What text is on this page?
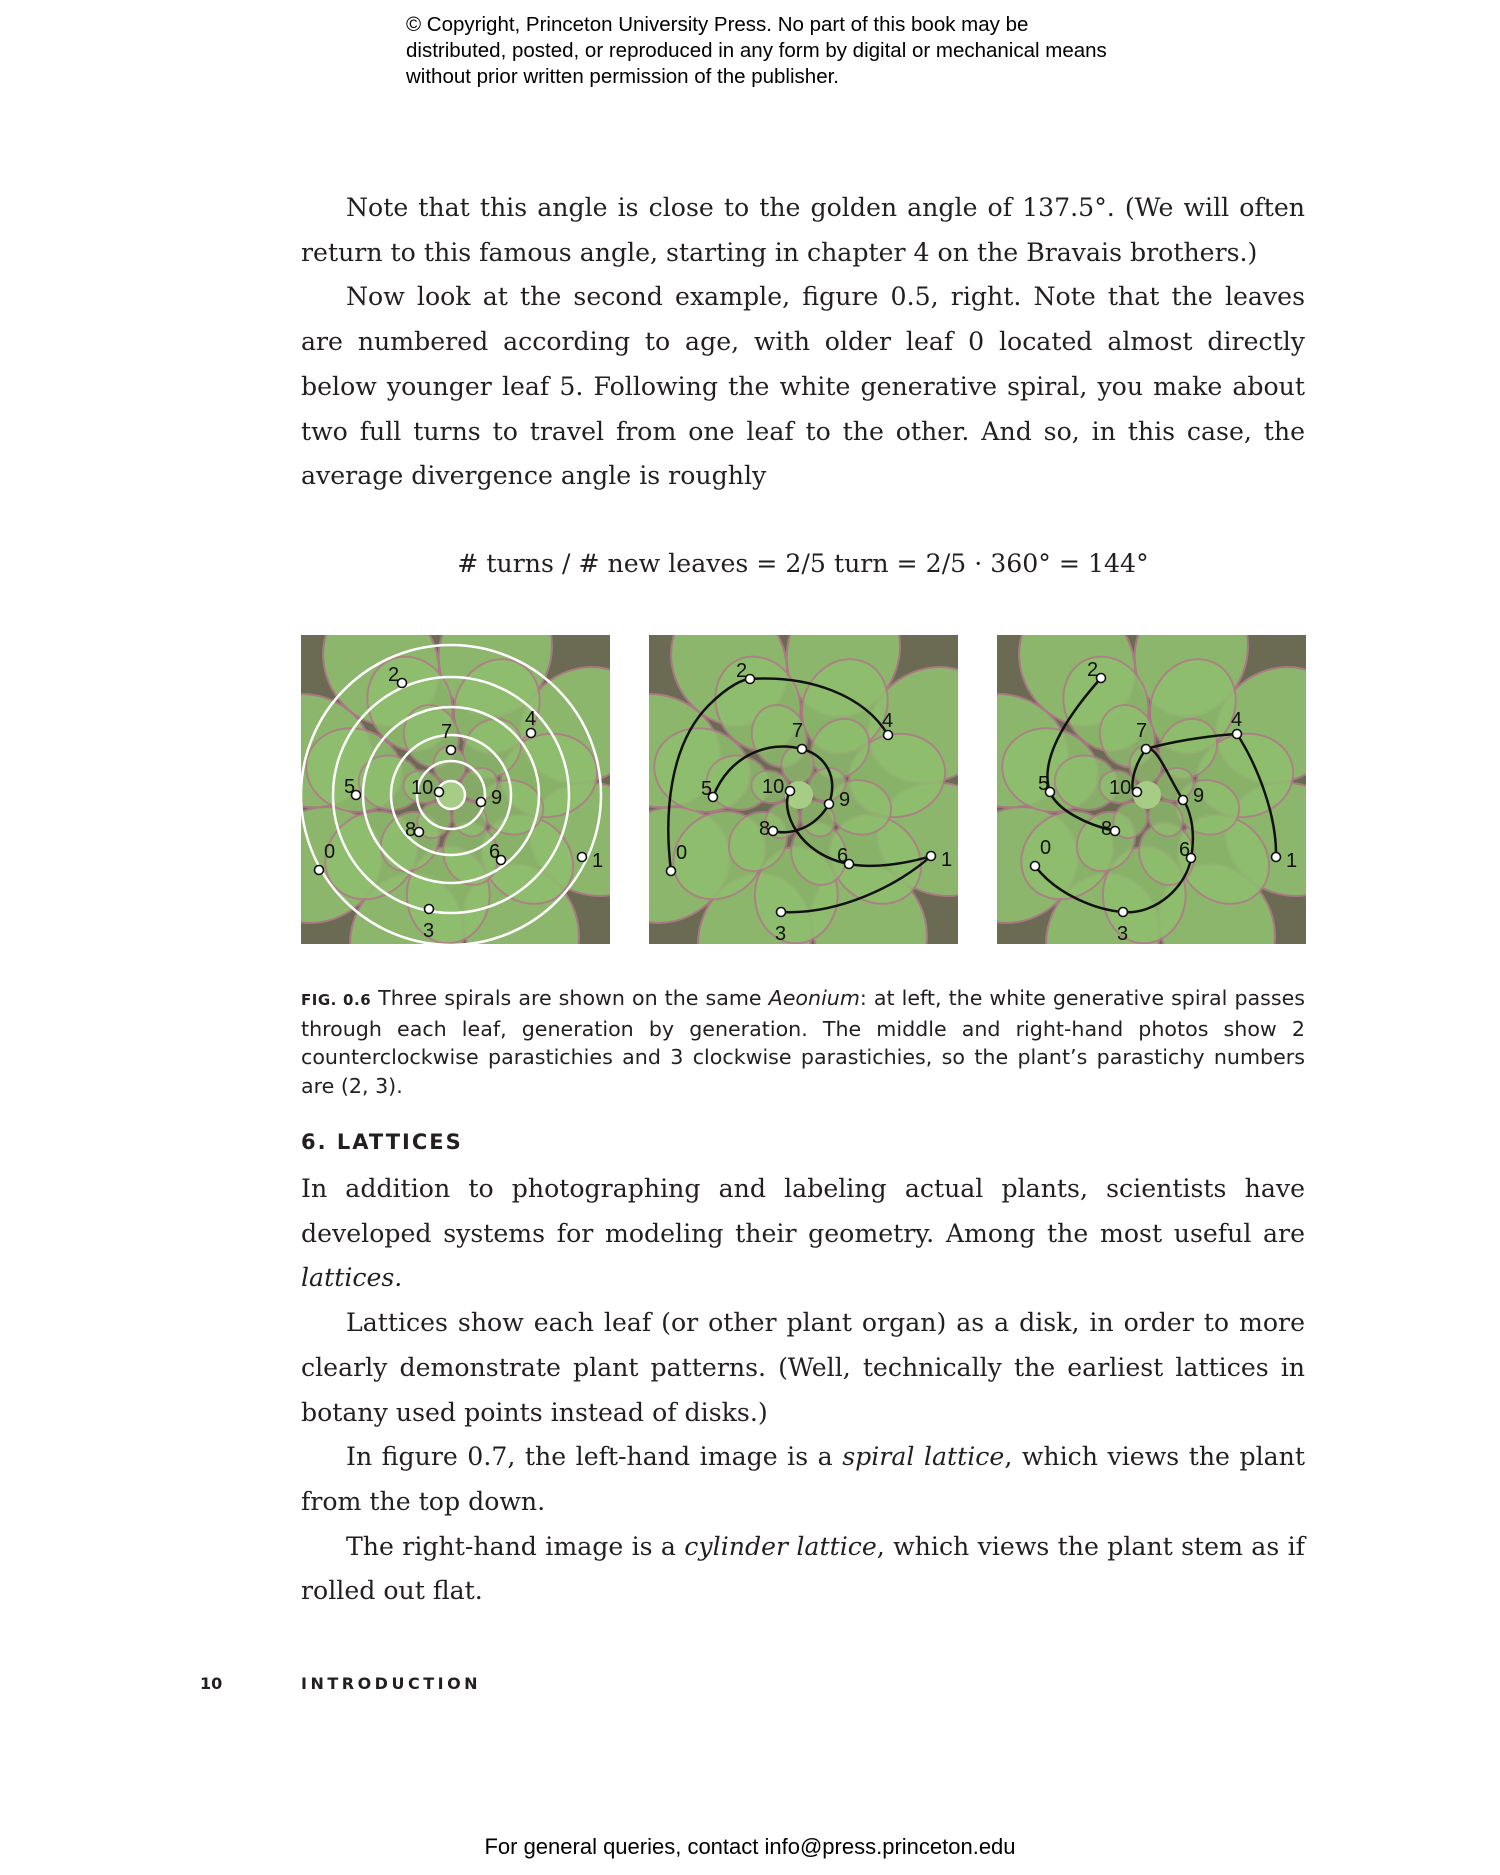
© Copyright, Princeton University Press. No part of this book may be distributed, posted, or reproduced in any form by digital or mechanical means without prior written permission of the publisher.

Note that this angle is close to the golden angle of 137.5°. (We will often return to this famous angle, starting in chapter 4 on the Bravais brothers.)

Now look at the second example, figure 0.5, right. Note that the leaves are numbered according to age, with older leaf 0 located almost directly below younger leaf 5. Following the white generative spiral, you make about two full turns to travel from one leaf to the other. And so, in this case, the average divergence angle is roughly

# turns / # new leaves = 2/5 turn = 2/5 · 360° = 144°
0	1
2
3
4
5
6
7
8
9
10
0	1
2
3
4
5
6
7
8
9
10
0
1
2
3
4
5
6
7
8
9
10
FIG. 0.6 Three spirals are shown on the same Aeonium: at left, the white generative spiral passes through each leaf, generation by generation. The middle and right-hand photos show 2 counterclockwise parastichies and 3 clockwise parastichies, so the plant’s parastichy numbers are (2, 3).
6. LATTICES

In addition to photographing and labeling actual plants, scientists have developed systems for modeling their geometry. Among the most useful are lattices.

Lattices show each leaf (or other plant organ) as a disk, in order to more clearly demonstrate plant patterns. (Well, technically the earliest lattices in botany used points instead of disks.)

In figure 0.7, the left-hand image is a spiral lattice, which views the plant from the top down.

The right-hand image is a cylinder lattice, which views the plant stem as if rolled out flat.

10	INTRODUCTION
For general queries, contact info@press.princeton.edu
